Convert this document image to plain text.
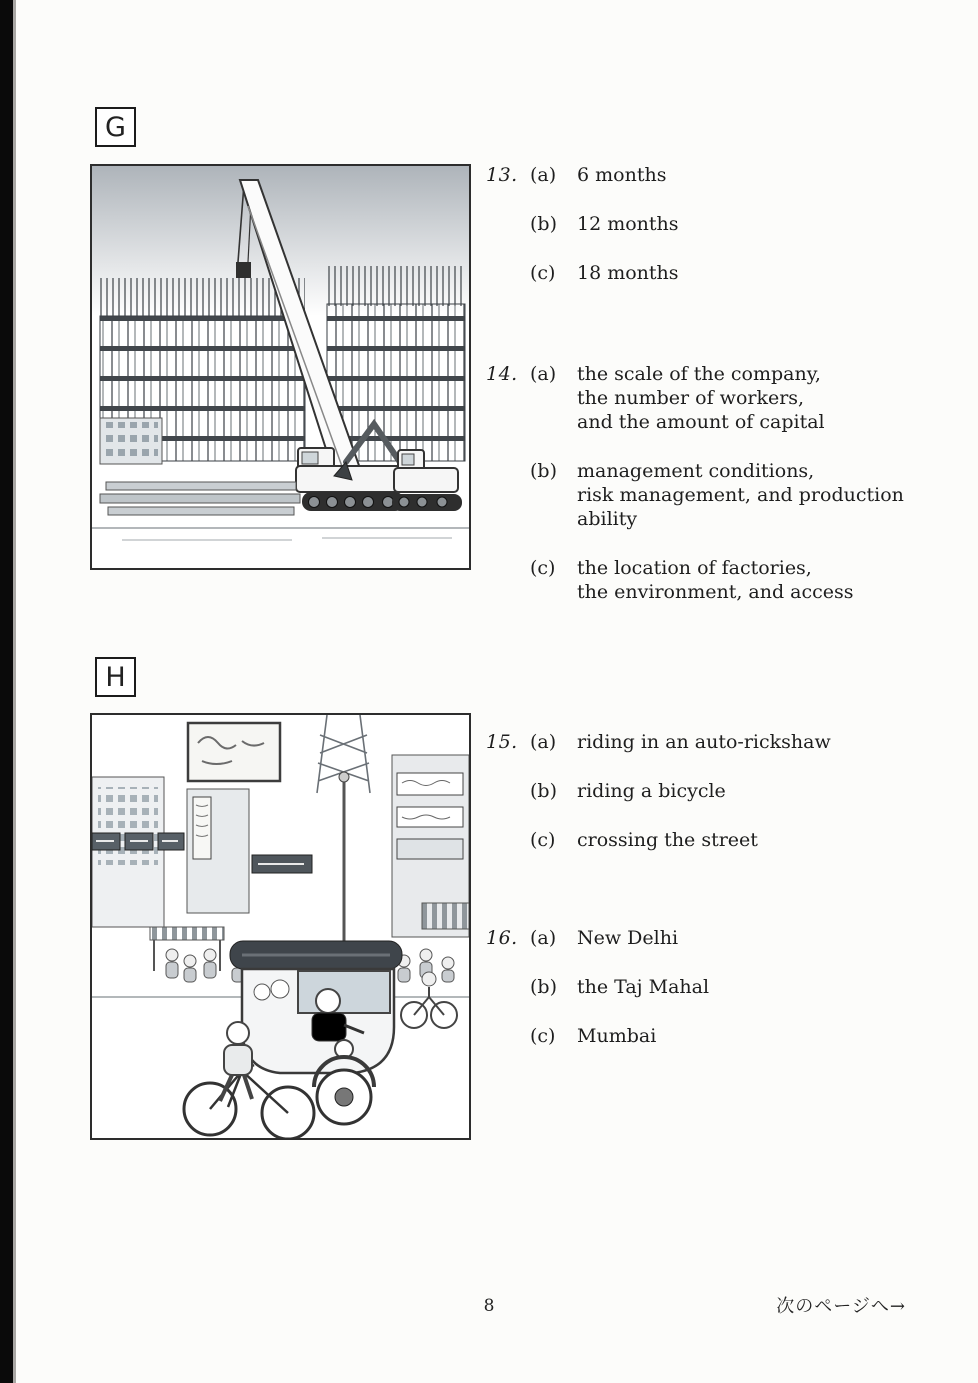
G
13. (a)	6 months
(b)	12 months
(c)	18 months
14. (a)	the scale of the company,
the number of workers,
and the amount of capital
(b)	management conditions,
risk management, and production
ability
(c)	the location of factories,
the environment, and access
H
15. (a)	riding in an auto-rickshaw
(b)	riding a bicycle
(c)	crossing the street
16. (a)	New Delhi
(b)	the Taj Mahal
(c)	Mumbai
8	次のページへ→
